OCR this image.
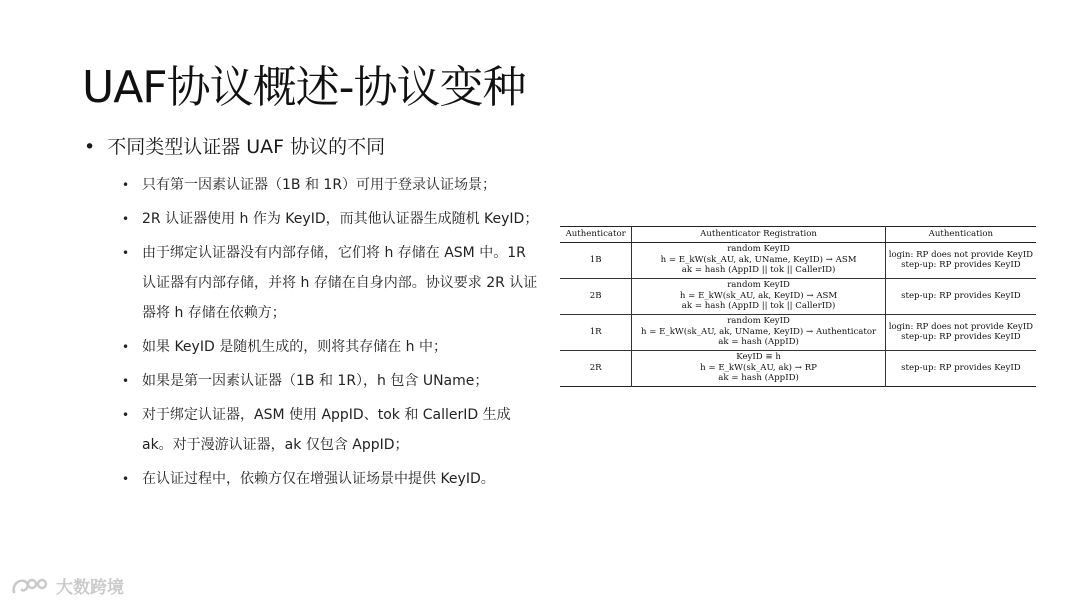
UAF协议概述-协议变种
• 不同类型认证器 UAF 协议的不同
• 只有第一因素认证器（1B 和 1R）可用于登录认证场景；
• 2R 认证器使用 h 作为 KeyID，而其他认证器生成随机 KeyID；
• 由于绑定认证器没有内部存储，它们将 h 存储在 ASM 中。1R 认证器有内部存储，并将 h 存储在自身内部。协议要求 2R 认证器将 h 存储在依赖方；
• 如果 KeyID 是随机生成的，则将其存储在 h 中；
• 如果是第一因素认证器（1B 和 1R），h 包含 UName；
• 对于绑定认证器，ASM 使用 AppID、tok 和 CallerID 生成 ak。对于漫游认证器，ak 仅包含 AppID；
• 在认证过程中，依赖方仅在增强认证场景中提供 KeyID。
Authenticator	Authenticator Registration	Authentication
1B	random KeyID
h = E_kW(sk_AU, ak, UName, KeyID) → ASM
ak = hash (AppID || tok || CallerID)	login: RP does not provide KeyID
step-up: RP provides KeyID

2B	random KeyID
h = E_kW(sk_AU, ak, KeyID) → ASM
ak = hash (AppID || tok || CallerID)	step-up: RP provides KeyID

1R	random KeyID
h = E_kW(sk_AU, ak, UName, KeyID) → Authenticator
ak = hash (AppID)	login: RP does not provide KeyID
step-up: RP provides KeyID

2R	KeyID ≡ h
h = E_kW(sk_AU, ak) → RP
ak = hash (AppID)	step-up: RP provides KeyID
大数跨境
